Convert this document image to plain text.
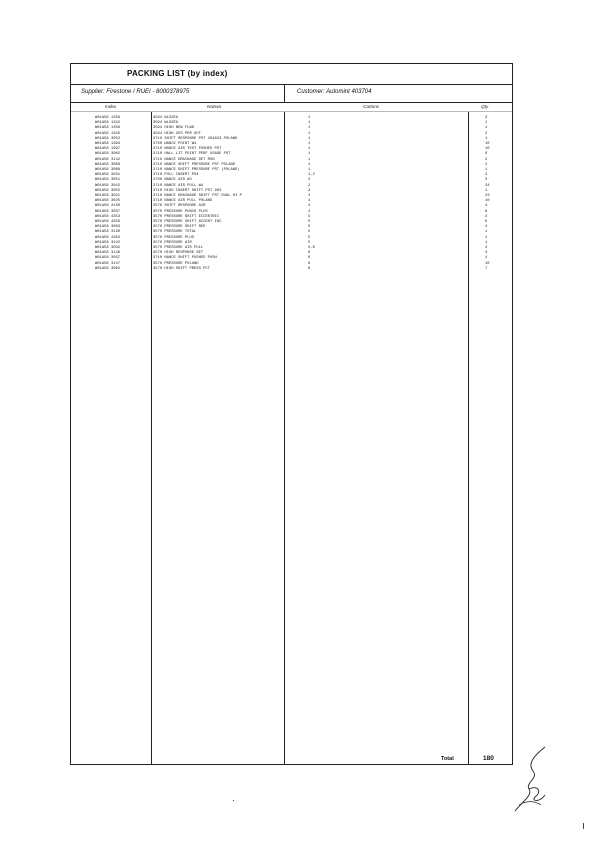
PACKING LIST (by index)
Supplier: Firestone / RUEI - 8000378975	Customer: Automint 403704
Index	Nazwa	Cartons	Qty
W01A58 1358	3594 WLOZEG	1	3
W01A58 1342	3594 WLOZEG	1	1
W01A58 1356	3594 HIGH NEW FLW6	1	1
W01A58 1345	3594 HIGH ZES PER OUT	1	2
W01A58 3052	3710 SHIFT RESPONSE PST 264623 POLAND	1	1
W01A58 1394	3700 NANCE POINT W4	1	10
W01A58 1397	3710 NANCE AIR TEST PUSHED PST	1	10
W01A58 3062	3710 HALL LIT POINT PERF USAGE PST	1	6
W01A58 3142	3710 NANCE DRAINAGE DET RUN	1	2
W01A58 3069	3710 NANCE SHIFT PRESSURE PST POLAND	1	2
W01A58 3068	3710 NANCE SHIFT PRESSURE PST (POLAND)	1	1
W01A58 3031	3710 PULL INSERT PS4	1,2	2
W01A58 3051	3700 NANCE AIR W4	2	3
W01A58 3042	3710 NANCE AIR PULL W4	2	24
W01A58 3055	3710 HIGH INSERT SHIFT PST 963	2	1
W01A58 3021	3710 NANCE DRAINAGE SHIFT PST DUAL HI P	4	23
W01A58 3025	3710 NANCE AIR PULL POLAND	4	10
W01A58 3130	3576 SHIFT RESPONSE AIR	4	4
W01A58 3037	3570 PRESSURE PUNCH PLUS	4	6
W01A58 4353	3570 PRESSURE SHIFT ECCENTRIC	5	2
W01A58 4359	3570 PRESSURE SHIFT ACCENT INC	5	6
W01A58 3063	3570 PRESSURE SHIFT RED	5	4
W01A58 3130	3570 PRESSURE TOTAL	5	1
W01A58 4363	3570 PRESSURE PLUS	5	1
W01A58 3142	3570 PRESSURE AIR	5	1
W01A58 3032	3570 PRESSURE AIR PULL	5,6	2
W01A58 3146	3570 HIGH RESPONSE SET	6	3
W01A58 3037	3710 NANCE SHIFT PUSHED PUSH	6	4
W01A58 3147	3570 PRESSURE POLAND	6	10
W01A58 3062	3570 HIGH SHIFT PRESS PCT	6	7
Total	180
